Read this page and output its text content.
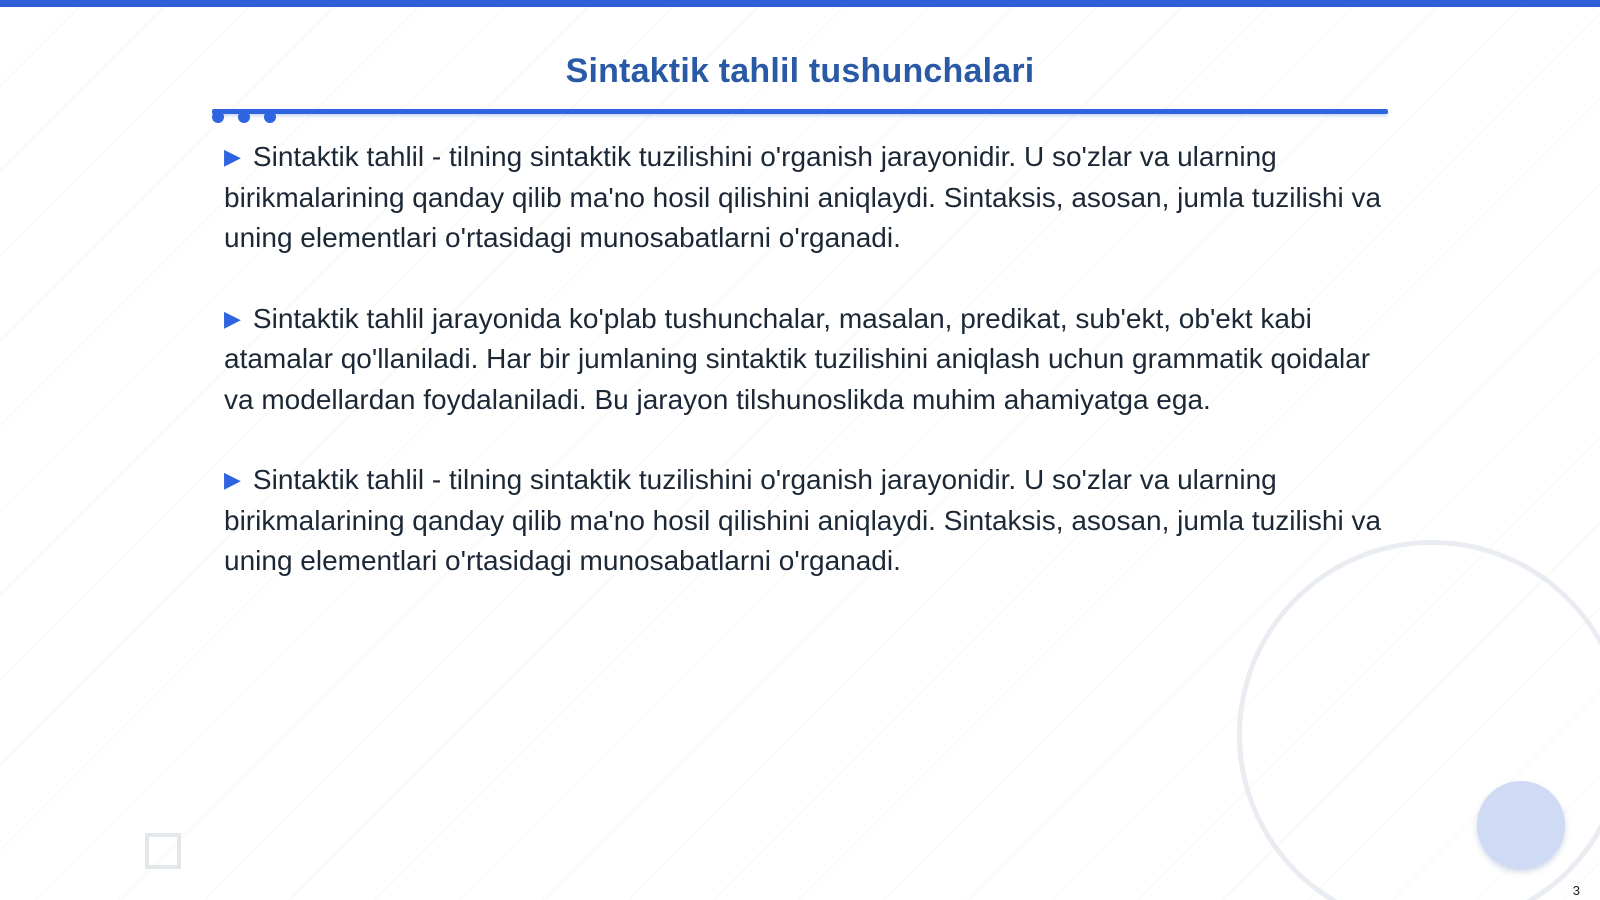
Sintaktik tahlil tushunchalari

▶ Sintaktik tahlil - tilning sintaktik tuzilishini o'rganish jarayonidir. U so'zlar va ularning birikmalarining qanday qilib ma'no hosil qilishini aniqlaydi. Sintaksis, asosan, jumla tuzilishi va uning elementlari o'rtasidagi munosabatlarni o'rganadi.

▶ Sintaktik tahlil jarayonida ko'plab tushunchalar, masalan, predikat, sub'ekt, ob'ekt kabi atamalar qo'llaniladi. Har bir jumlaning sintaktik tuzilishini aniqlash uchun grammatik qoidalar va modellardan foydalaniladi. Bu jarayon tilshunoslikda muhim ahamiyatga ega.

▶ Sintaktik tahlil - tilning sintaktik tuzilishini o'rganish jarayonidir. U so'zlar va ularning birikmalarining qanday qilib ma'no hosil qilishini aniqlaydi. Sintaksis, asosan, jumla tuzilishi va uning elementlari o'rtasidagi munosabatlarni o'rganadi.

3
